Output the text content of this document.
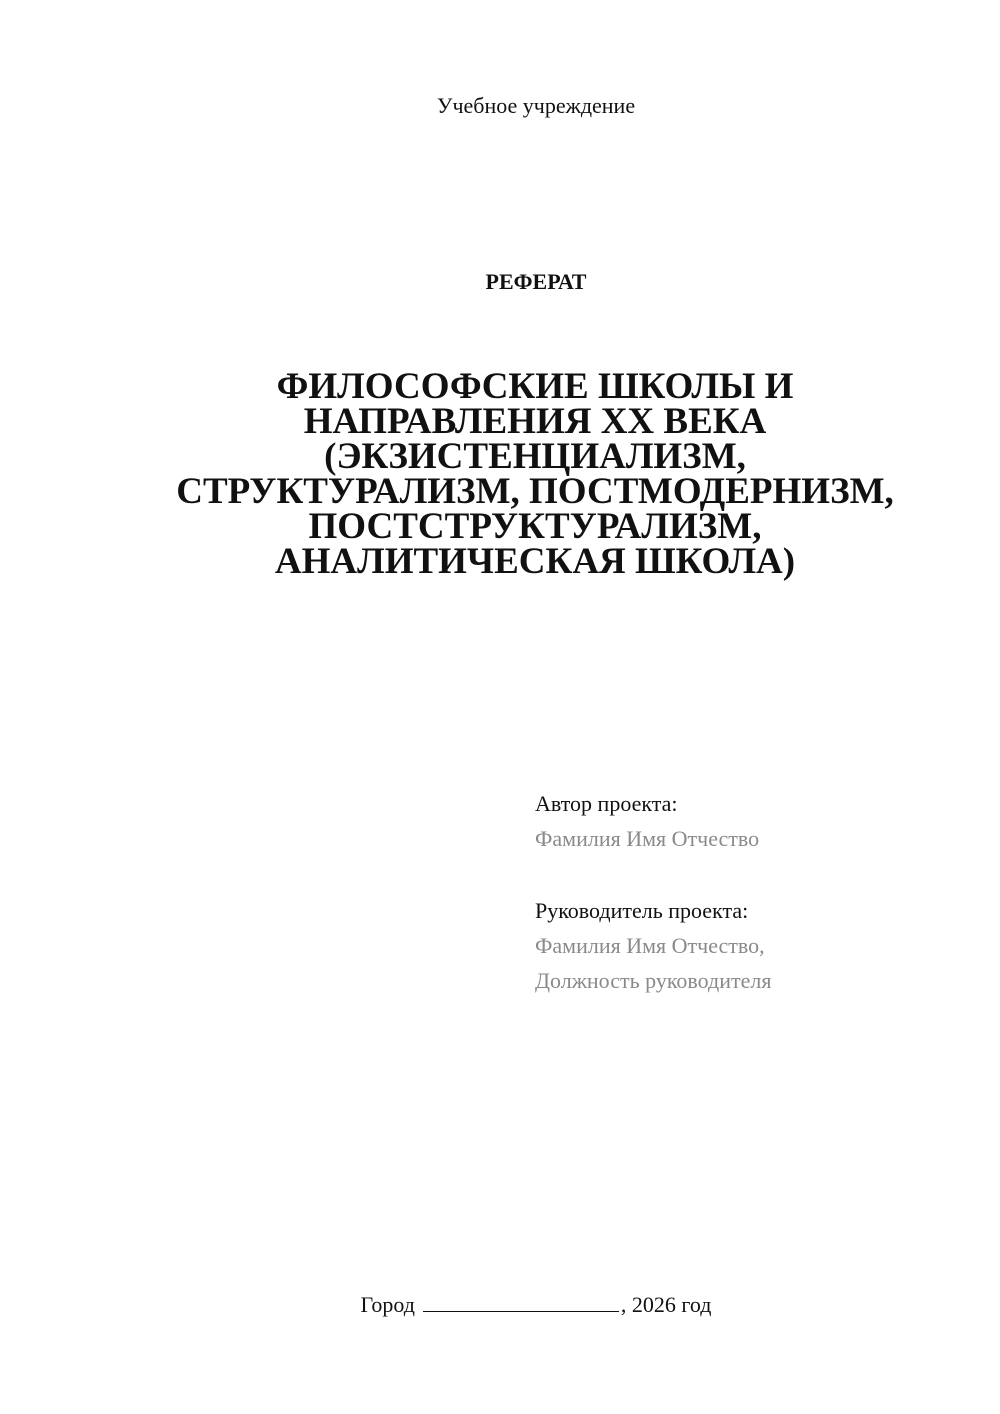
Учебное учреждение
РЕФЕРАТ
ФИЛОСОФСКИЕ ШКОЛЫ И
НАПРАВЛЕНИЯ XX ВЕКА
(ЭКЗИСТЕНЦИАЛИЗМ,
СТРУКТУРАЛИЗМ, ПОСТМОДЕРНИЗМ,
ПОСТСТРУКТУРАЛИЗМ,
АНАЛИТИЧЕСКАЯ ШКОЛА)
Автор проекта:
Фамилия Имя Отчество
Руководитель проекта:
Фамилия Имя Отчество,
Должность руководителя
Город	, 2026 год
